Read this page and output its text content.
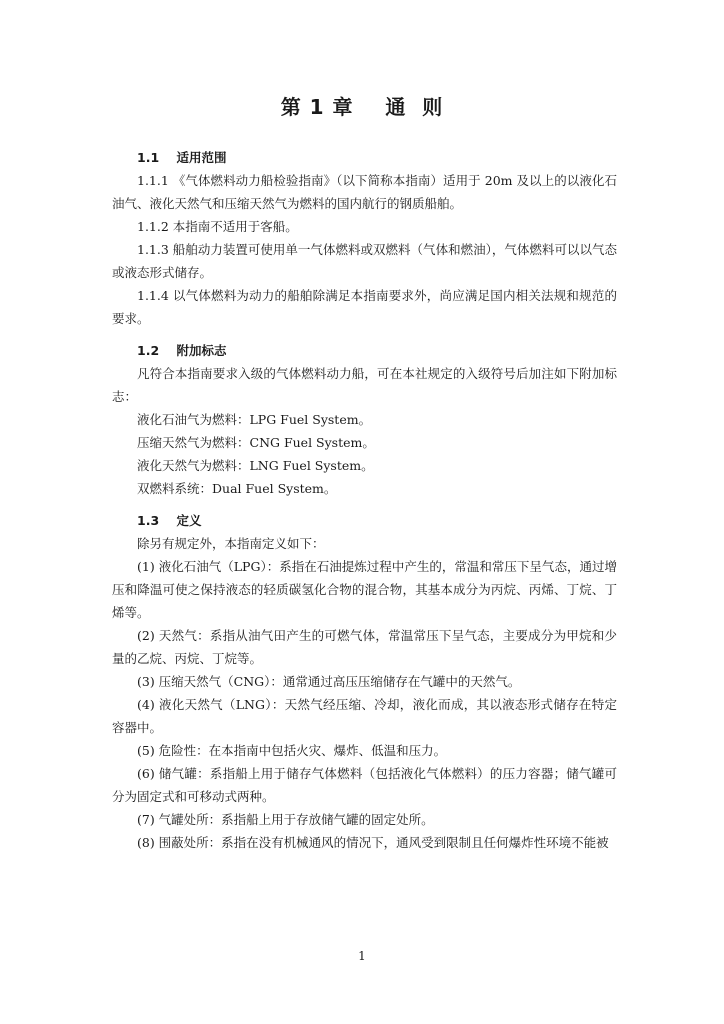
第 1 章    通  则
1.1    适用范围

1.1.1 《气体燃料动力船检验指南》（以下简称本指南）适用于 20m 及以上的以液化石油气、液化天然气和压缩天然气为燃料的国内航行的钢质船舶。

1.1.2 本指南不适用于客船。

1.1.3 船舶动力装置可使用单一气体燃料或双燃料（气体和燃油），气体燃料可以以气态或液态形式储存。

1.1.4 以气体燃料为动力的船舶除满足本指南要求外，尚应满足国内相关法规和规范的要求。

1.2    附加标志

凡符合本指南要求入级的气体燃料动力船，可在本社规定的入级符号后加注如下附加标志：

液化石油气为燃料：LPG Fuel System。

压缩天然气为燃料：CNG Fuel System。

液化天然气为燃料：LNG Fuel System。

双燃料系统：Dual Fuel System。

1.3    定义

除另有规定外，本指南定义如下：

(1) 液化石油气（LPG）：系指在石油提炼过程中产生的，常温和常压下呈气态，通过增压和降温可使之保持液态的轻质碳氢化合物的混合物，其基本成分为丙烷、丙烯、丁烷、丁烯等。

(2) 天然气：系指从油气田产生的可燃气体，常温常压下呈气态，主要成分为甲烷和少量的乙烷、丙烷、丁烷等。

(3) 压缩天然气（CNG）：通常通过高压压缩储存在气罐中的天然气。

(4) 液化天然气（LNG）：天然气经压缩、冷却，液化而成，其以液态形式储存在特定容器中。

(5) 危险性：在本指南中包括火灾、爆炸、低温和压力。

(6) 储气罐：系指船上用于储存气体燃料（包括液化气体燃料）的压力容器；储气罐可分为固定式和可移动式两种。

(7) 气罐处所：系指船上用于存放储气罐的固定处所。

(8) 围蔽处所：系指在没有机械通风的情况下，通风受到限制且任何爆炸性环境不能被

1
